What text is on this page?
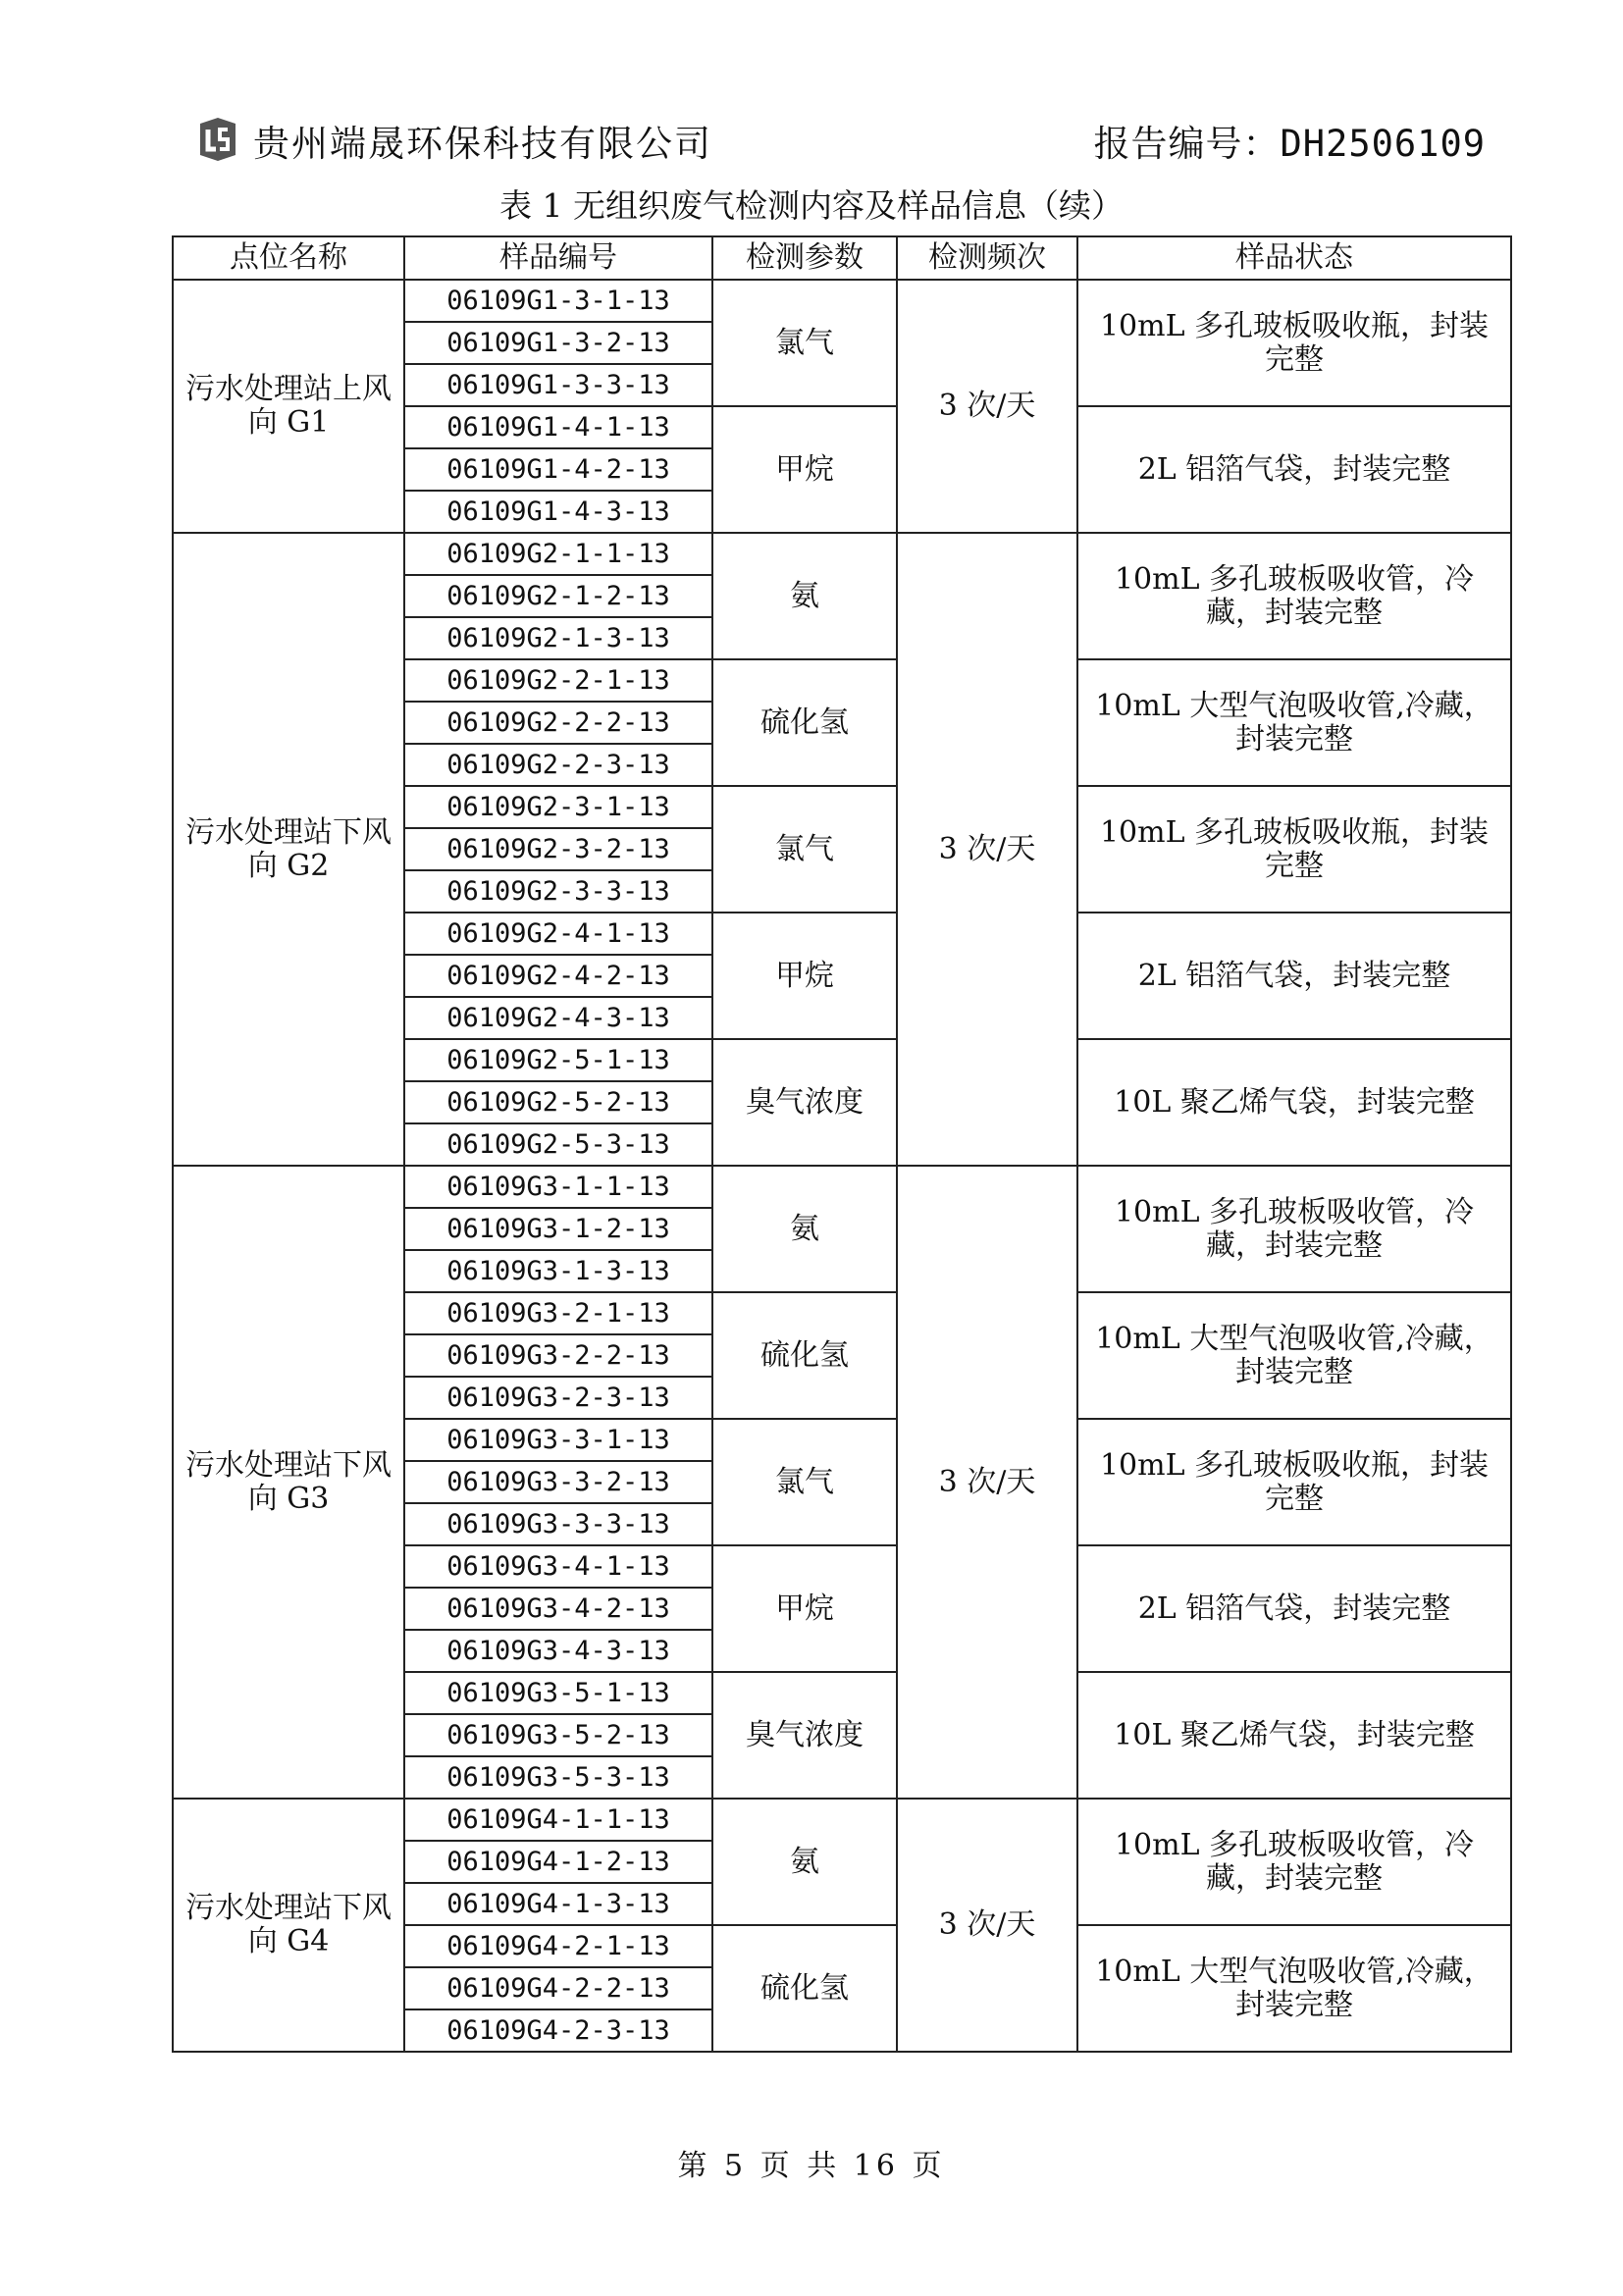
贵州端晟环保科技有限公司	报告编号：DH2506109
表 1 无组织废气检测内容及样品信息（续）
点位名称	样品编号	检测参数	检测频次	样品状态
污水处理站上风向 G1	06109G1-3-1-13	氯气	3 次/天	10mL 多孔玻板吸收瓶，封装完整
	06109G1-3-2-13			
	06109G1-3-3-13			
	06109G1-4-1-13	甲烷		2L 铝箔气袋，封装完整
	06109G1-4-2-13			
	06109G1-4-3-13			
污水处理站下风向 G2	06109G2-1-1-13	氨	3 次/天	10mL 多孔玻板吸收管，冷藏，封装完整
	06109G2-1-2-13			
	06109G2-1-3-13			
	06109G2-2-1-13	硫化氢		10mL 大型气泡吸收管,冷藏，封装完整
	06109G2-2-2-13			
	06109G2-2-3-13			
	06109G2-3-1-13	氯气		10mL 多孔玻板吸收瓶，封装完整
	06109G2-3-2-13			
	06109G2-3-3-13			
	06109G2-4-1-13	甲烷		2L 铝箔气袋，封装完整
	06109G2-4-2-13			
	06109G2-4-3-13			
	06109G2-5-1-13	臭气浓度		10L 聚乙烯气袋，封装完整
	06109G2-5-2-13			
	06109G2-5-3-13			
污水处理站下风向 G3	06109G3-1-1-13	氨	3 次/天	10mL 多孔玻板吸收管，冷藏，封装完整
	06109G3-1-2-13			
	06109G3-1-3-13			
	06109G3-2-1-13	硫化氢		10mL 大型气泡吸收管,冷藏，封装完整
	06109G3-2-2-13			
	06109G3-2-3-13			
	06109G3-3-1-13	氯气		10mL 多孔玻板吸收瓶，封装完整
	06109G3-3-2-13			
	06109G3-3-3-13			
	06109G3-4-1-13	甲烷		2L 铝箔气袋，封装完整
	06109G3-4-2-13			
	06109G3-4-3-13			
	06109G3-5-1-13	臭气浓度		10L 聚乙烯气袋，封装完整
	06109G3-5-2-13			
	06109G3-5-3-13			
污水处理站下风向 G4	06109G4-1-1-13	氨	3 次/天	10mL 多孔玻板吸收管，冷藏，封装完整
	06109G4-1-2-13			
	06109G4-1-3-13			
	06109G4-2-1-13	硫化氢		10mL 大型气泡吸收管,冷藏，封装完整
	06109G4-2-2-13			
	06109G4-2-3-13			
第 5 页 共 16 页
